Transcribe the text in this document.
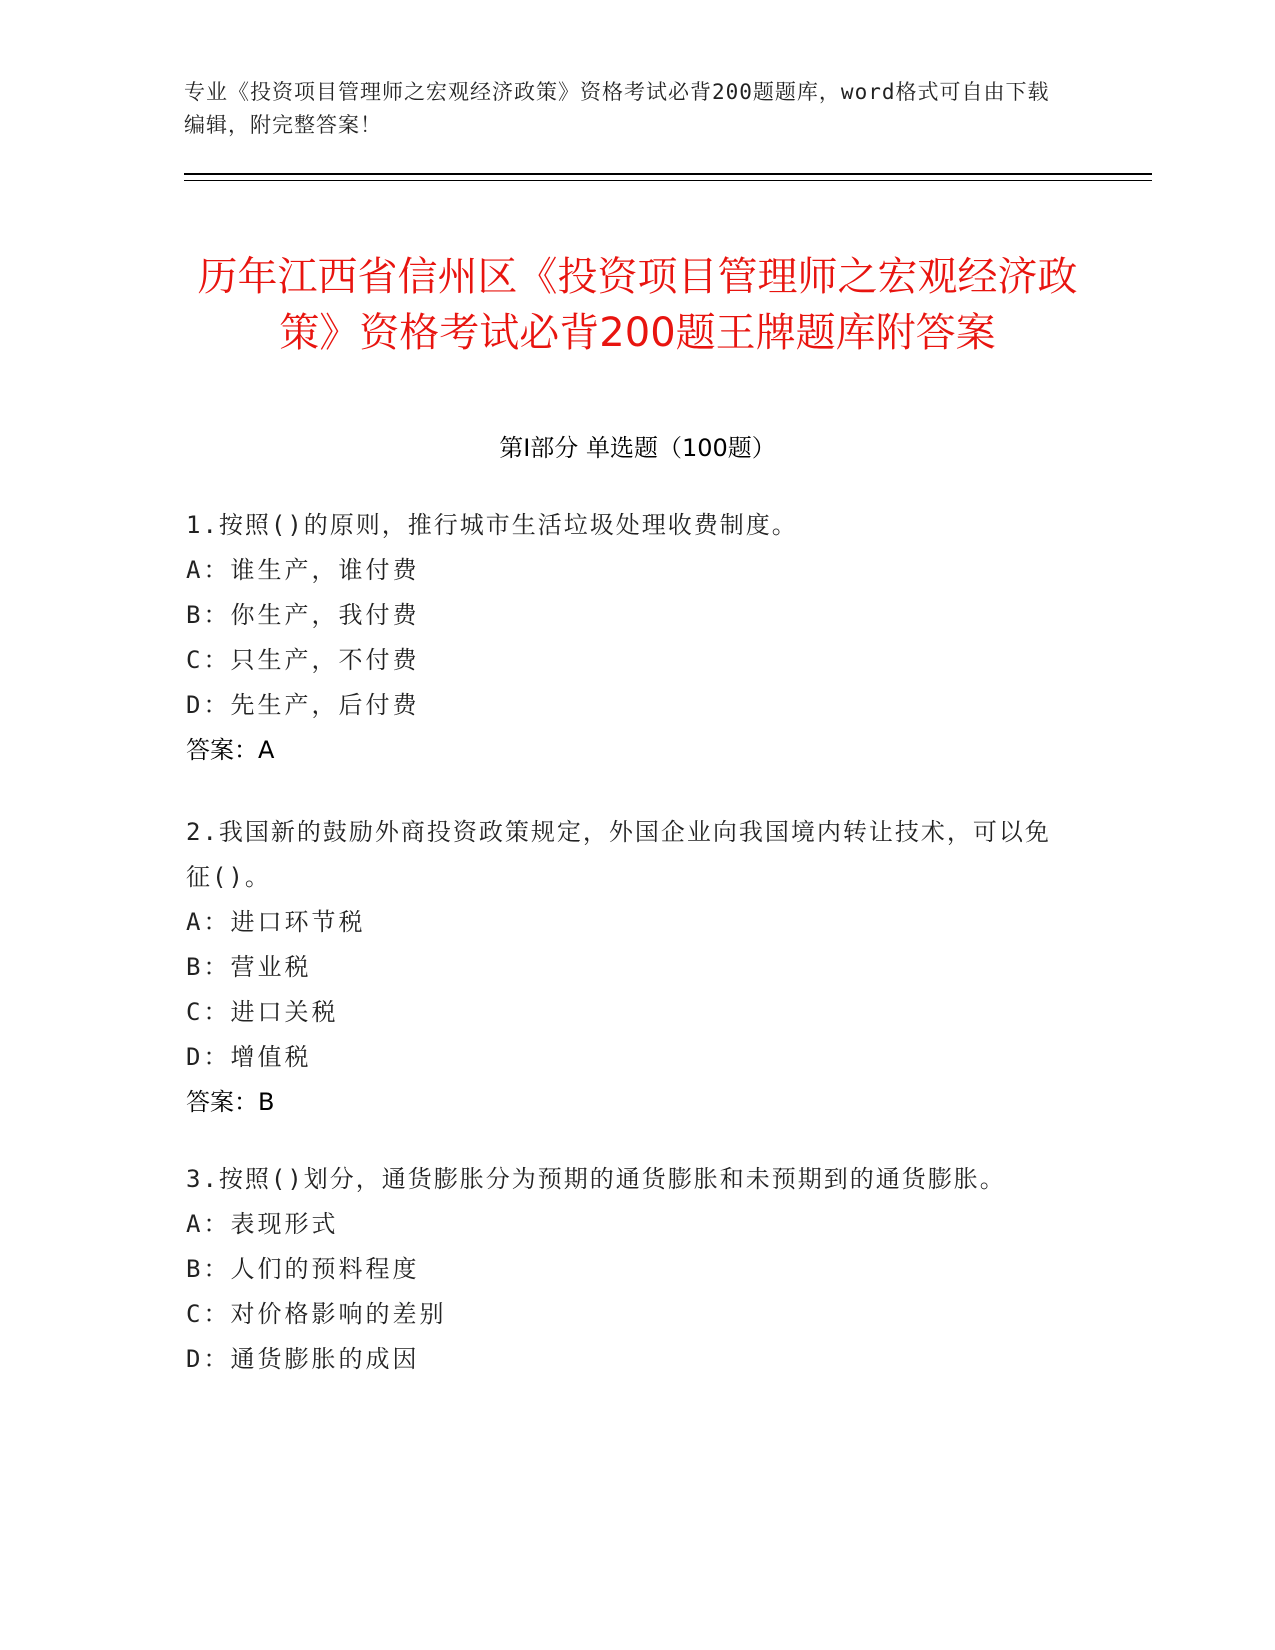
专业《投资项目管理师之宏观经济政策》资格考试必背200题题库，word格式可自由下载编辑，附完整答案！
历年江西省信州区《投资项目管理师之宏观经济政策》资格考试必背200题王牌题库附答案
第Ⅰ部分 单选题（100题）
1.按照()的原则，推行城市生活垃圾处理收费制度。
A：谁生产，谁付费
B：你生产，我付费
C：只生产，不付费
D：先生产，后付费
答案：A
2.我国新的鼓励外商投资政策规定，外国企业向我国境内转让技术，可以免征()。
A：进口环节税
B：营业税
C：进口关税
D：增值税
答案：B
3.按照()划分，通货膨胀分为预期的通货膨胀和未预期到的通货膨胀。
A：表现形式
B：人们的预料程度
C：对价格影响的差别
D：通货膨胀的成因
